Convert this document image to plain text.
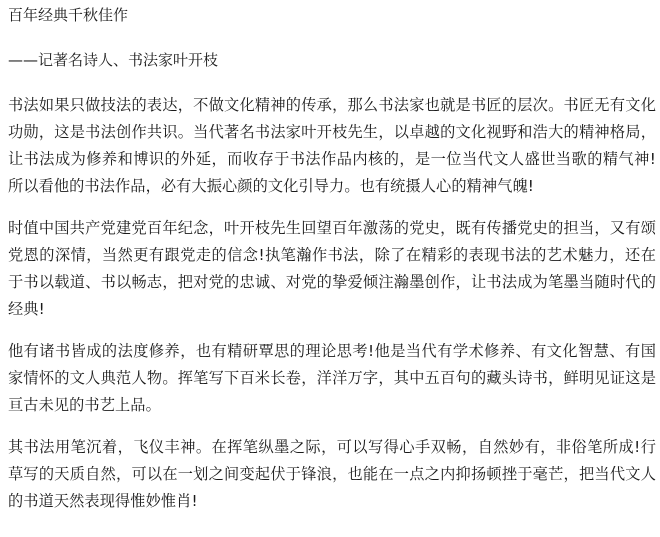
百年经典千秋佳作

——记著名诗人、书法家叶开枝

书法如果只做技法的表达，不做文化精神的传承，那么书法家也就是书匠的层次。书匠无有文化功勋，这是书法创作共识。当代著名书法家叶开枝先生，以卓越的文化视野和浩大的精神格局，让书法成为修养和博识的外延，而收存于书法作品内核的，是一位当代文人盛世当歌的精气神!所以看他的书法作品，必有大振心颜的文化引导力。也有统摄人心的精神气魄!

时值中国共产党建党百年纪念，叶开枝先生回望百年激荡的党史，既有传播党史的担当，又有颂党恩的深情，当然更有跟党走的信念!执笔瀚作书法，除了在精彩的表现书法的艺术魅力，还在于书以载道、书以畅志，把对党的忠诚、对党的挚爱倾注瀚墨创作，让书法成为笔墨当随时代的经典!

他有诸书皆成的法度修养，也有精研覃思的理论思考!他是当代有学术修养、有文化智慧、有国家情怀的文人典范人物。挥笔写下百米长卷，洋洋万字，其中五百句的藏头诗书，鲜明见证这是亘古未见的书艺上品。

其书法用笔沉着，飞仪丰神。在挥笔纵墨之际，可以写得心手双畅，自然妙有，非俗笔所成!行草写的天质自然，可以在一划之间变起伏于锋浪，也能在一点之内抑扬顿挫于毫芒，把当代文人的书道天然表现得惟妙惟肖!
